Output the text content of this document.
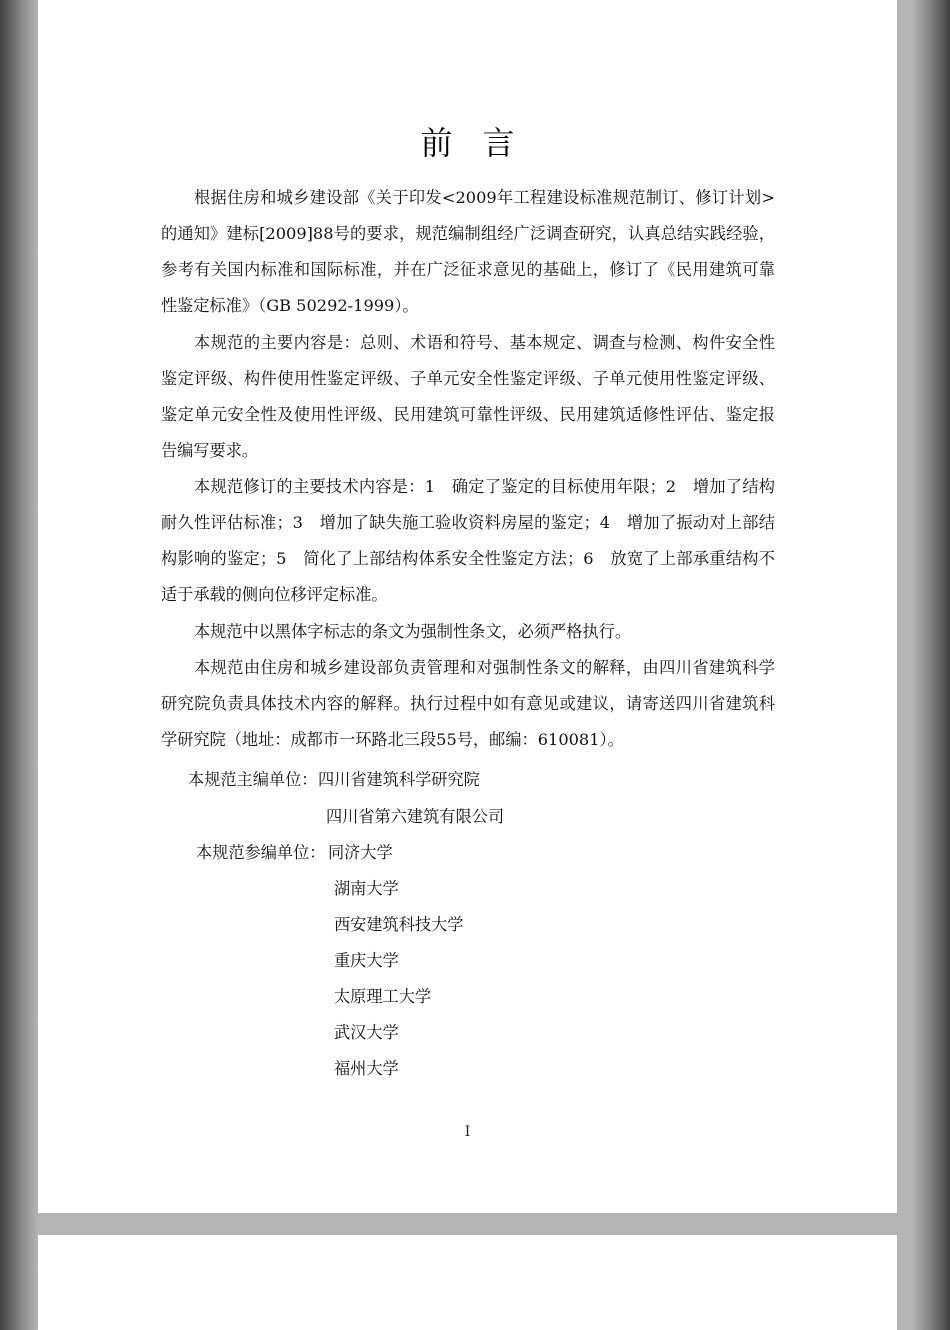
前言
根据住房和城乡建设部《关于印发<2009年工程建设标准规范制订、修订计划>的通知》建标[2009]88号的要求，规范编制组经广泛调查研究，认真总结实践经验，参考有关国内标准和国际标准，并在广泛征求意见的基础上，修订了《民用建筑可靠性鉴定标准》（GB 50292-1999）。
本规范的主要内容是：总则、术语和符号、基本规定、调查与检测、构件安全性鉴定评级、构件使用性鉴定评级、子单元安全性鉴定评级、子单元使用性鉴定评级、鉴定单元安全性及使用性评级、民用建筑可靠性评级、民用建筑适修性评估、鉴定报告编写要求。
本规范修订的主要技术内容是：1　确定了鉴定的目标使用年限；2　增加了结构耐久性评估标准；3　增加了缺失施工验收资料房屋的鉴定；4　增加了振动对上部结构影响的鉴定；5　简化了上部结构体系安全性鉴定方法；6　放宽了上部承重结构不适于承载的侧向位移评定标准。
本规范中以黑体字标志的条文为强制性条文，必须严格执行。
本规范由住房和城乡建设部负责管理和对强制性条文的解释，由四川省建筑科学研究院负责具体技术内容的解释。执行过程中如有意见或建议，请寄送四川省建筑科学研究院（地址：成都市一环路北三段55号，邮编：610081）。
本规范主编单位： 四川省建筑科学研究院
四川省第六建筑有限公司
本规范参编单位： 同济大学
湖南大学
西安建筑科技大学
重庆大学
太原理工大学
武汉大学
福州大学
I
